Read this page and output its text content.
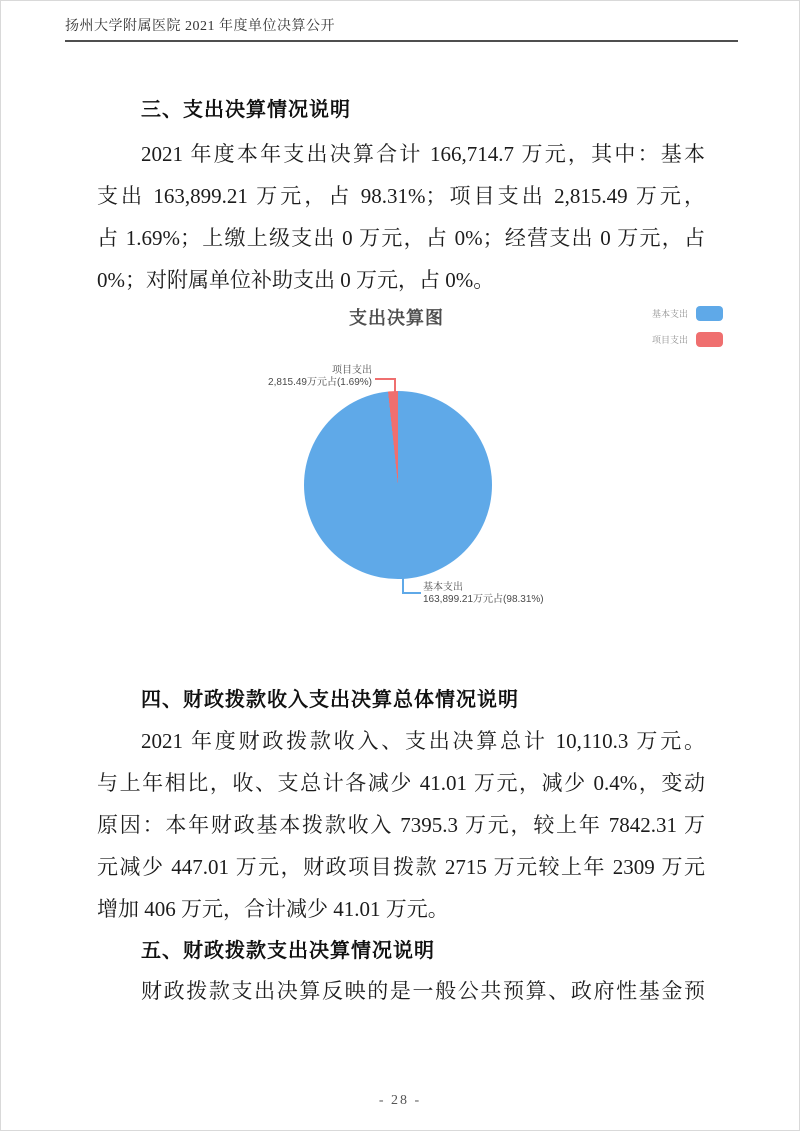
扬州大学附属医院 2021 年度单位决算公开
三、支出决算情况说明
2021 年度本年支出决算合计 166,714.7 万元，其中：基本
支出 163,899.21 万元，占 98.31%；项目支出 2,815.49 万元，
占 1.69%；上缴上级支出 0 万元，占 0%；经营支出 0 万元，占
0%；对附属单位补助支出 0 万元，占 0%。
支出决算图	基本支出
项目支出
项目支出
2,815.49万元占(1.69%)
基本支出
163,899.21万元占(98.31%)
四、财政拨款收入支出决算总体情况说明
2021 年度财政拨款收入、支出决算总计 10,110.3 万元。
与上年相比，收、支总计各减少 41.01 万元，减少 0.4%，变动
原因：本年财政基本拨款收入 7395.3 万元，较上年 7842.31 万
元减少 447.01 万元，财政项目拨款 2715 万元较上年 2309 万元
增加 406 万元，合计减少 41.01 万元。
五、财政拨款支出决算情况说明
财政拨款支出决算反映的是一般公共预算、政府性基金预
- 28 -
